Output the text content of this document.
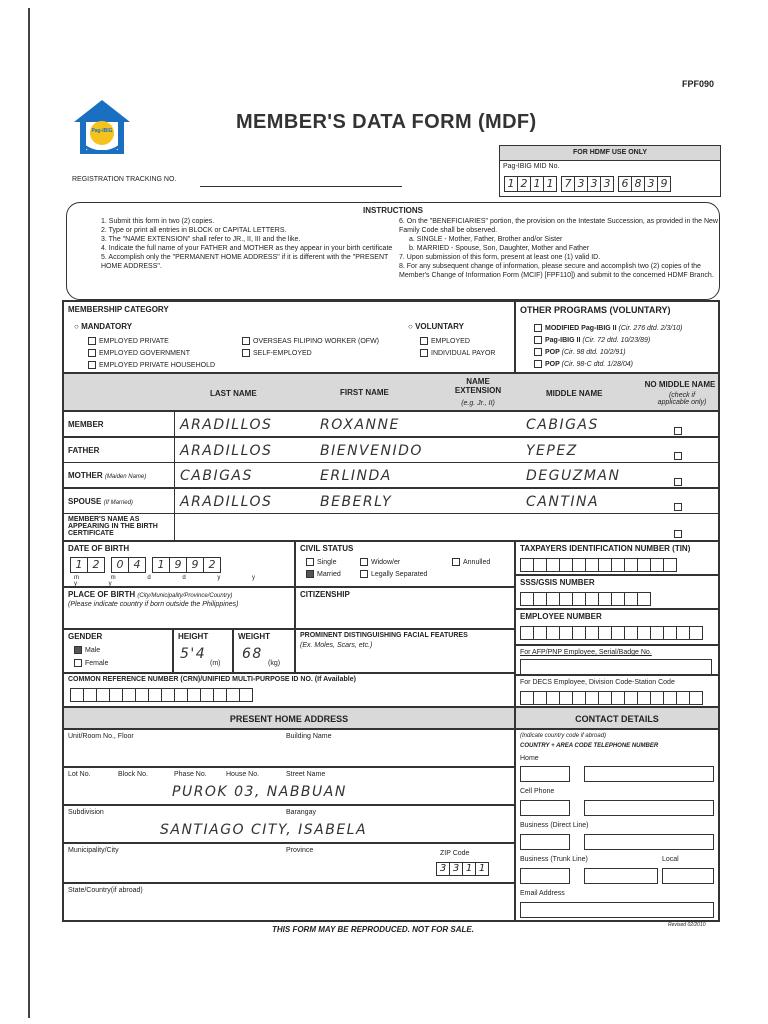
FPF090
Pag-IBIG	MEMBER'S DATA FORM (MDF)
FOR HDMF USE ONLY
Pag-IBIG MID No.
1 2 1 1 7 3 3 3 6 8 3 9
REGISTRATION TRACKING NO.
INSTRUCTIONS
1. Submit this form in two (2) copies.
2. Type or print all entries in BLOCK or CAPITAL LETTERS.
3. The "NAME EXTENSION" shall refer to JR., II, III and the like.
4. Indicate the full name of your FATHER and MOTHER as they appear in your birth certificate
5. Accomplish only the "PERMANENT HOME ADDRESS" if it is different with the "PRESENT HOME ADDRESS".
6. On the "BENEFICIARIES" portion, the provision on the Intestate Succession, as provided in the New Family Code shall be observed.
a. SINGLE - Mother, Father, Brother and/or Sister
b. MARRIED - Spouse, Son, Daughter, Mother and Father
7. Upon submission of this form, present at least one (1) valid ID.
8. For any subsequent change of information, please secure and accomplish two (2) copies of the Member's Change of Information Form (MCIF) [FPF110]) and submit to the concerned HDMF Branch.
MEMBERSHIP CATEGORY
○ MANDATORY	○ VOLUNTARY
EMPLOYED PRIVATE
EMPLOYED GOVERNMENT
EMPLOYED PRIVATE HOUSEHOLD
OVERSEAS FILIPINO WORKER (OFW)
SELF-EMPLOYED
EMPLOYED
INDIVIDUAL PAYOR
OTHER PROGRAMS (VOLUNTARY)
MODIFIED Pag-IBIG II (Cir. 276 dtd. 2/3/10)
Pag-IBIG II (Cir. 72 dtd. 10/23/89)
POP (Cir. 98 dtd. 10/2/91)
POP (Cir. 98-C dtd. 1/28/04)
LAST NAME	FIRST NAME
NAME EXTENSION
(e.g. Jr., II)
MIDDLE NAME
NO MIDDLE NAME
(check if applicable only)
MEMBER	ARADILLOS	ROXANNE	CABIGAS
FATHER	ARADILLOS	BIENVENIDO	YEPEZ
MOTHER (Maiden Name) CABIGAS	ERLINDA	DEGUZMAN
SPOUSE (If Married)	ARADILLOS	BEBERLY	CANTINA
MEMBER'S NAME AS APPEARING IN THE BIRTH CERTIFICATE
DATE OF BIRTH
1 2	0 4	1 9 9 2
m m d d y y y y
CIVIL STATUS
Single	Widow/er	Annulled
Married	Legally Separated
TAXPAYERS IDENTIFICATION NUMBER (TIN)
SSS/GSIS NUMBER
PLACE OF BIRTH (City/Municipality/Province/Country)
(Please indicate country if born outside the Philippines)
CITIZENSHIP
EMPLOYEE NUMBER
GENDER
Male
Female
HEIGHT
5'4
(m)
WEIGHT
68
(kg)
PROMINENT DISTINGUISHING FACIAL FEATURES
(Ex. Moles, Scars, etc.)
For AFP/PNP Employee, Serial/Badge No.
COMMON REFERENCE NUMBER (CRN)/UNIFIED MULTI-PURPOSE ID NO. (If Available)	For DECS Employee, Division Code-Station Code
PRESENT HOME ADDRESS	CONTACT DETAILS
Unit/Room No., Floor	Building Name
Lot No.	Block No.	Phase No.	House No.	Street Name
PUROK 03, NABBUAN
Subdivision	Barangay
SANTIAGO CITY, ISABELA
Municipality/City	Province	ZIP Code
3 3 1 1
State/Country(if abroad)
(Indicate country code if abroad)
COUNTRY + AREA CODE TELEPHONE NUMBER
Home
Cell Phone
Business (Direct Line)
Business (Trunk Line)	Local
Email Address
THIS FORM MAY BE REPRODUCED. NOT FOR SALE.	Revised 02/2010
